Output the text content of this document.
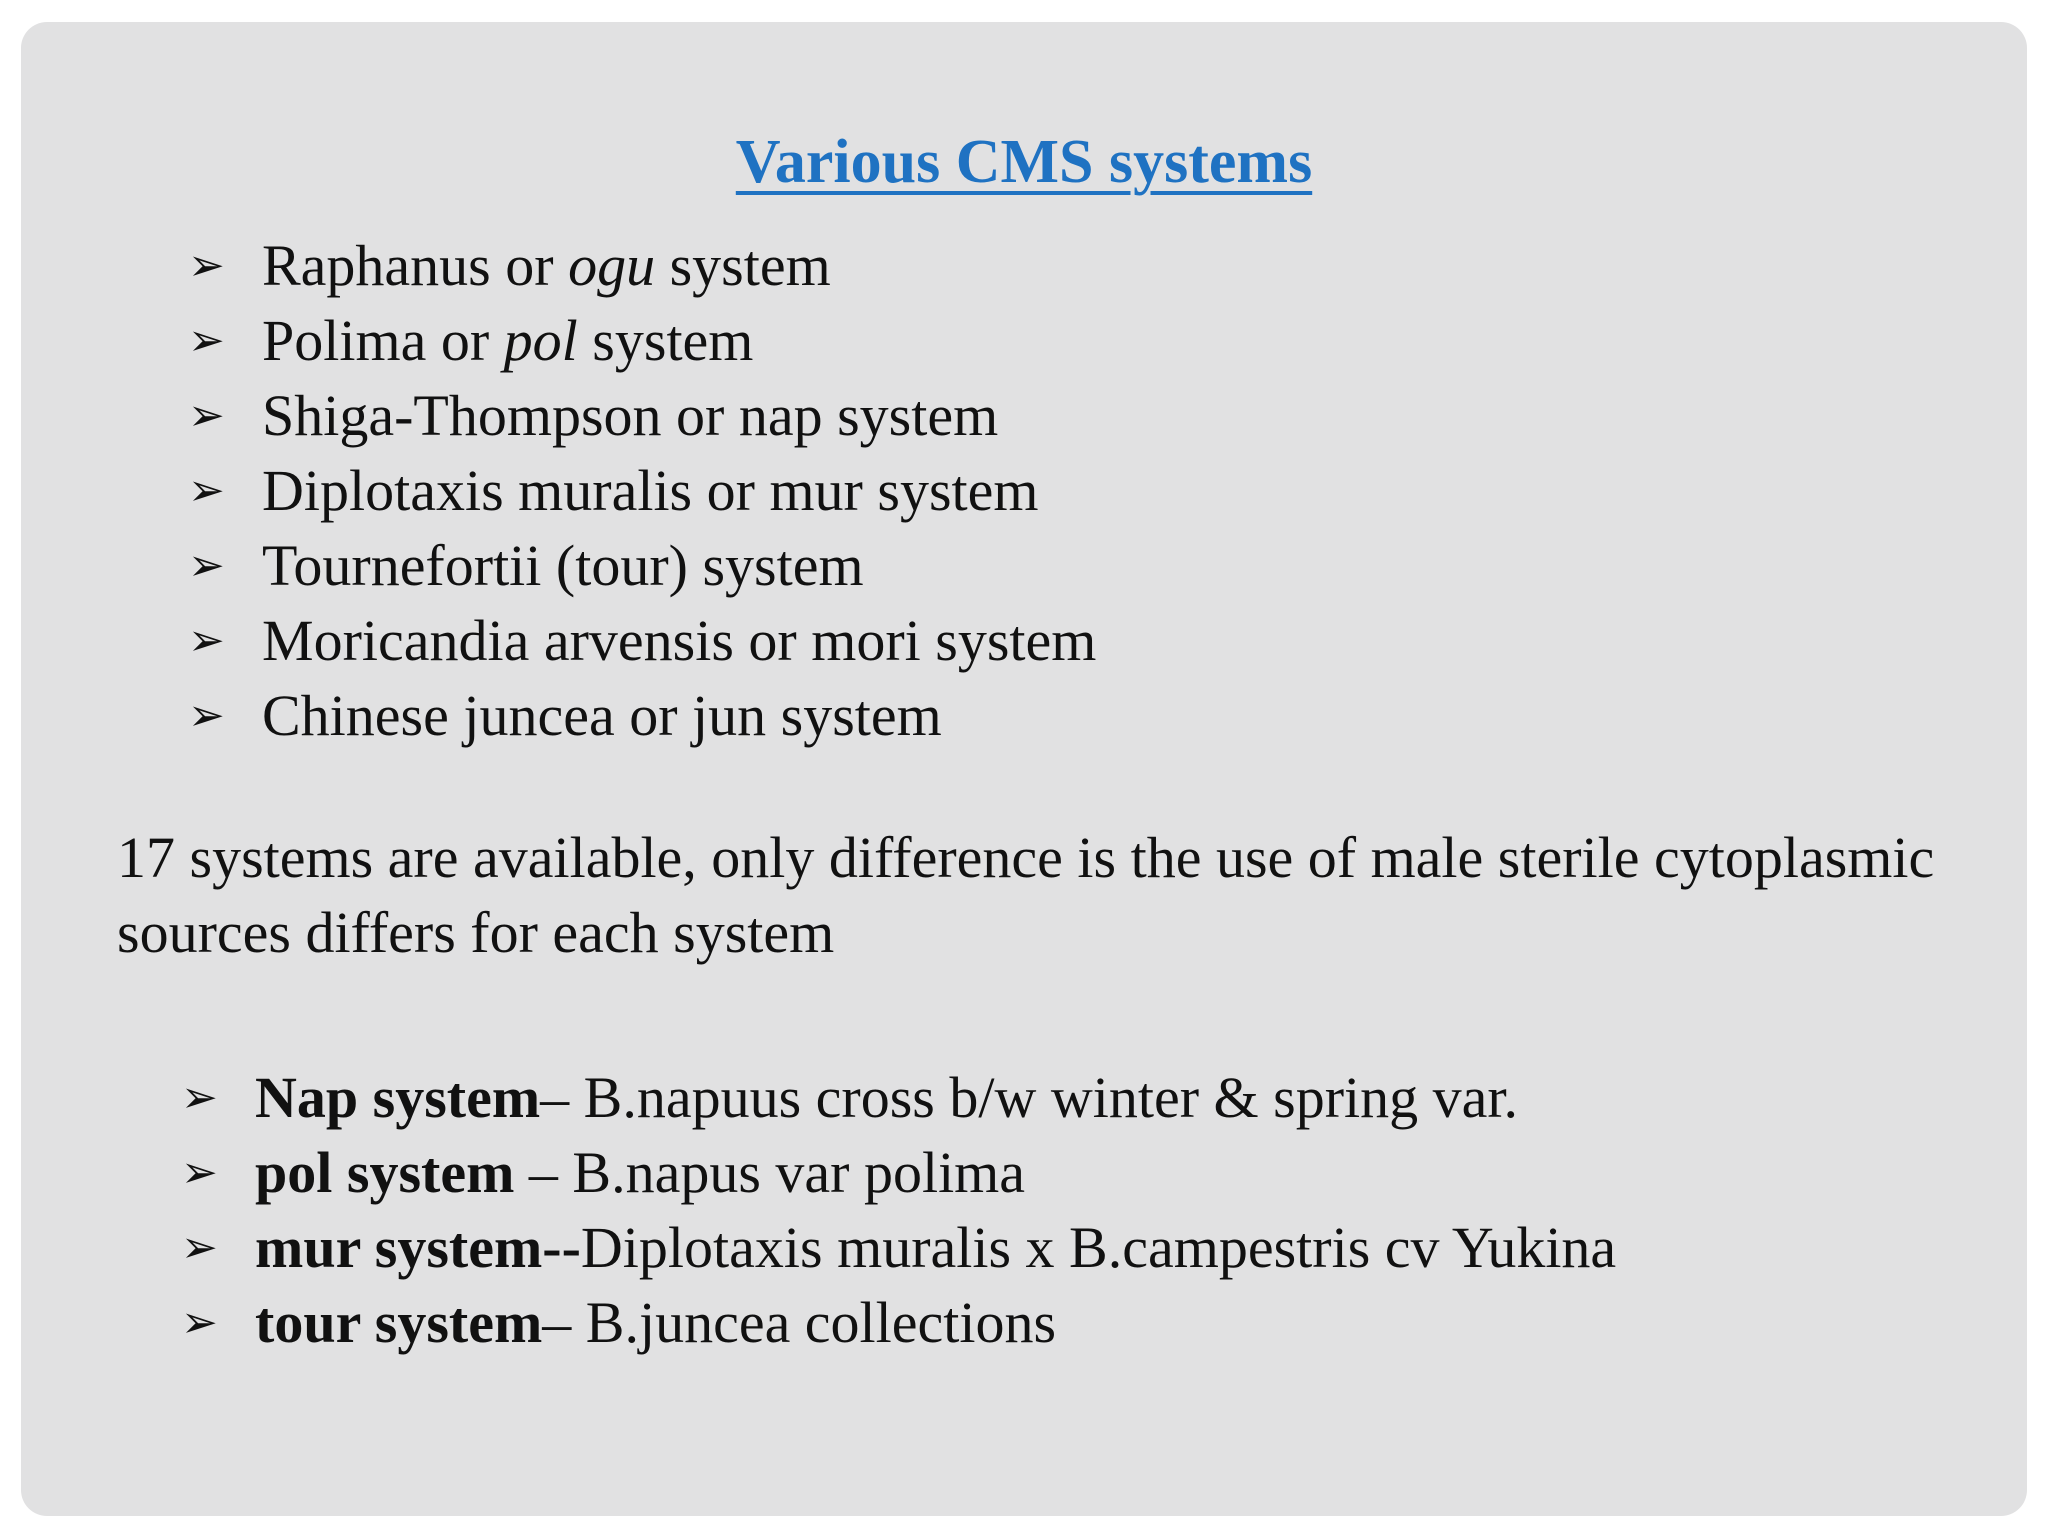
Various CMS systems
➢ Raphanus or ogu system
➢ Polima or pol system
➢ Shiga-Thompson or nap system
➢ Diplotaxis muralis or mur system
➢ Tournefortii (tour) system
➢ Moricandia arvensis or mori system
➢ Chinese juncea or jun system

17 systems are available, only difference is the use of male sterile cytoplasmic sources differs for each system

➢ Nap system– B.napuus cross b/w winter & spring var.
➢ pol system – B.napus var polima
➢ mur system--Diplotaxis muralis x B.campestris cv Yukina
➢ tour system– B.juncea collections
